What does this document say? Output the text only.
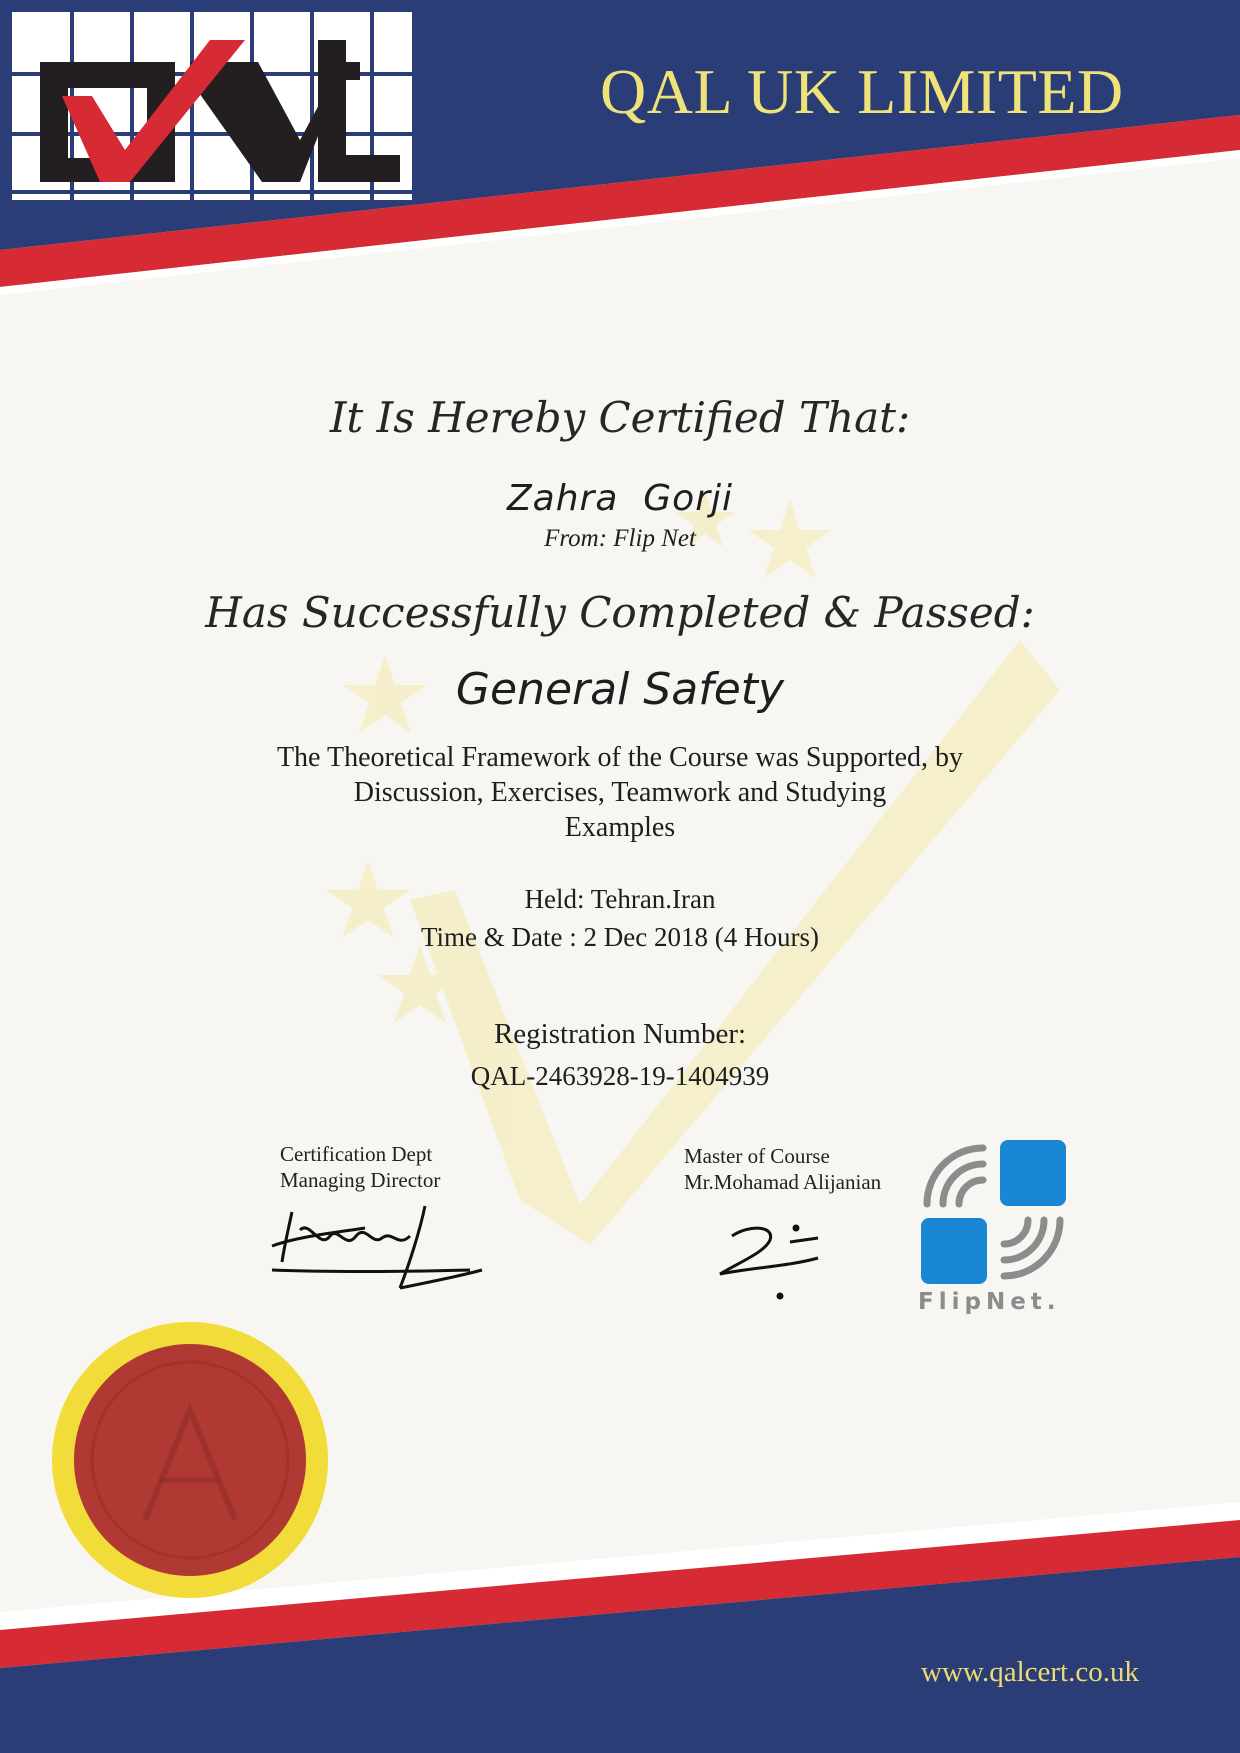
QAL UK LIMITED
It Is Hereby Certified That:
Zahra  Gorji
From: Flip Net
Has Successfully Completed & Passed:
General Safety
The Theoretical Framework of the Course was Supported, by
Discussion, Exercises, Teamwork and Studying
Examples
Held: Tehran.Iran
Time & Date : 2 Dec 2018 (4 Hours)
Registration Number:
QAL-2463928-19-1404939
Certification Dept
Managing Director
Master of Course
Mr.Mohamad Alijanian
FlipNet.
www.qalcert.co.uk
